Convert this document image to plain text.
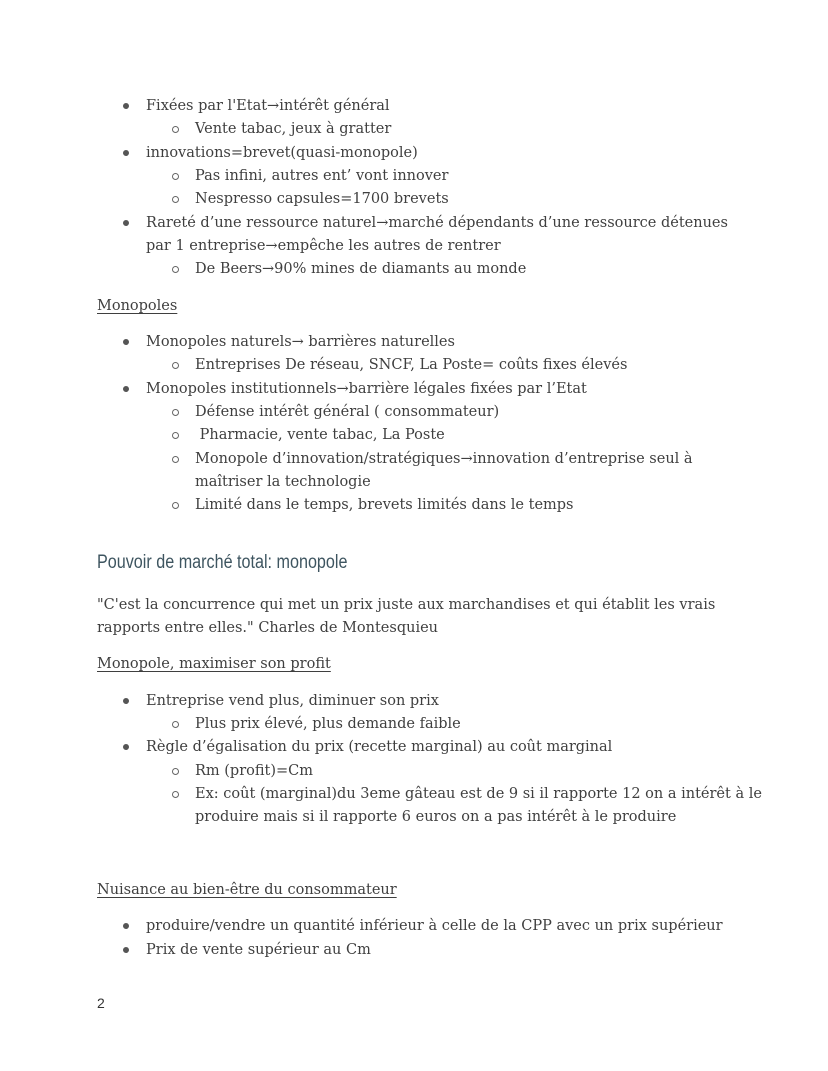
Fixées par l'Etat→intérêt général
Vente tabac, jeux à gratter
innovations=brevet(quasi-monopole)
Pas infini, autres ent’ vont innover
Nespresso capsules=1700 brevets
Rareté d’une ressource naturel→marché dépendants d’une ressource détenues
par 1 entreprise→empêche les autres de rentrer
De Beers→90% mines de diamants au monde
Monopoles
Monopoles naturels→ barrières naturelles
Entreprises De réseau, SNCF, La Poste= coûts fixes élevés
Monopoles institutionnels→barrière légales fixées par l’Etat
Défense intérêt général ( consommateur)
Pharmacie, vente tabac, La Poste
Monopole d’innovation/stratégiques→innovation d’entreprise seul à
maîtriser la technologie
Limité dans le temps, brevets limités dans le temps
Pouvoir de marché total: monopole
"C'est la concurrence qui met un prix juste aux marchandises et qui établit les vrais
rapports entre elles." Charles de Montesquieu
Monopole, maximiser son profit
Entreprise vend plus, diminuer son prix
Plus prix élevé, plus demande faible
Règle d’égalisation du prix (recette marginal) au coût marginal
Rm (profit)=Cm
Ex: coût (marginal)du 3eme gâteau est de 9 si il rapporte 12 on a intérêt à le
produire mais si il rapporte 6 euros on a pas intérêt à le produire
Nuisance au bien-être du consommateur
produire/vendre un quantité inférieur à celle de la CPP avec un prix supérieur
Prix de vente supérieur au Cm
2
